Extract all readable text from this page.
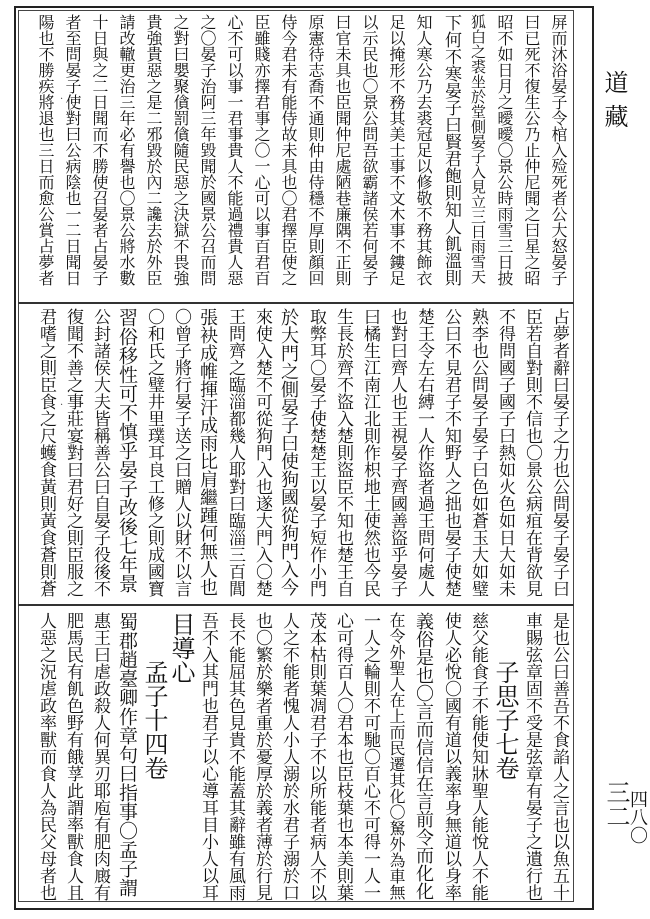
道藏
三二
四八〇
·
·
屏而沐浴晏子令棺入殓死者公大怒晏子
曰已死不復生公乃止仲尼聞之曰星之昭
昭不如日月之曖曖〇景公時雨雪三日披
狐白之裘坐於堂側晏子入見立三日雨雪天
下何不寒晏子曰賢君飽則知人飢溫則
知人寒公乃去裘冠足以修敬不務其飾衣
足以掩形不務其美士事不文木事不鏤足
以示民也〇景公問吾欲霸諸侯若何晏子
曰官未具也臣聞仲尼處陋巷廉隅不正則
原憲待志喬不通則仲由侍穩不厚則顏回
侍今君未有能侍故未具也〇君擇臣使之
臣雖賤亦擇君事之〇一心可以事百君百
心不可以事一君事貴人不能過禮貴人惡
之〇晏子治阿三年毀聞於國景公召而問
之對曰嬰聚僋罰僋隨民惡之決獄不畏強
貴強貴惡之是二邪毀於內二讒去於外臣
請改轍更治三年必有譽也〇景公將水數
十日與之二日聞而不勝使召晏者占晏子
者至問晏子使對曰公病陰也一二日聞日
陽也不勝疾將退也三日而愈公賞占夢者
占夢者辭曰晏子之力也公問晏子晏子曰
臣若自對則不信也〇景公病疽在背欲見
不得問國子國子曰熱如火色如日大如未
熟李也公問晏子晏子曰色如蒼玉大如璧
公曰不見君子不知野人之拙也晏子使楚
楚王令左右縛一人作盜者過王問何處人
也對曰齊人也王視晏子齊國善盜乎晏子
曰橘生江南江北則作枳地土使然也今民
生長於齊不盜入楚則盜臣不知也楚王自
取弊耳〇晏子使楚楚王以晏子短作小門
於大門之側晏子曰使狗國從狗門入今
來使入楚不可從狗門入也遂大門入〇楚
王問齊之臨淄都幾人耶對曰臨淄三百閭
張袂成帷揮汗成雨比肩繼踵何無人也
〇曾子將行晏子送之曰贈人以財不以言
〇和氏之璧井里璞耳良工修之則成國寶
習俗移性可不慎乎晏子改後七年景
公封諸侯大夫皆稱善公曰自晏子役後不
復聞不善之事莊宴對曰君好之則臣服之
君嗜之則臣食之尺蠖食黃則黃食蒼則蒼
是也公曰善吾不食諂人之言也以魚五十
車賜弦章固不受是弦章有晏子之遺行也
　　子思子七卷
慈父能食子不能使知牀聖人能悅人不能
使人必悅〇國有道以義率身無道以身率
義俗是也〇言而信信在言前令而化化
在令外聖人在上而民遷其化〇駑外為車無
一人之輪則不可馳〇百心不可得一人一
心可得百人〇君本也臣枝葉也本美則葉
茂本枯則葉凋君子不以所能者病人不以
人之不能者愧人小人溺於水君子溺於口
也〇繁於樂者重於憂厚於義者薄於行見
長不能屈其色見貴不能蓋其辭雖有風雨
吾不入其門也君子以心導耳目小人以耳
目導心
　　孟子十四卷
蜀郡趙臺卿作章句曰指事〇孟子謂
惠王曰虐政殺人何異刃耶庖有肥肉廄有
肥馬民有飢色野有餓莩此謂率獸食人且
人惡之況虐政率獸而食人為民父母者也
